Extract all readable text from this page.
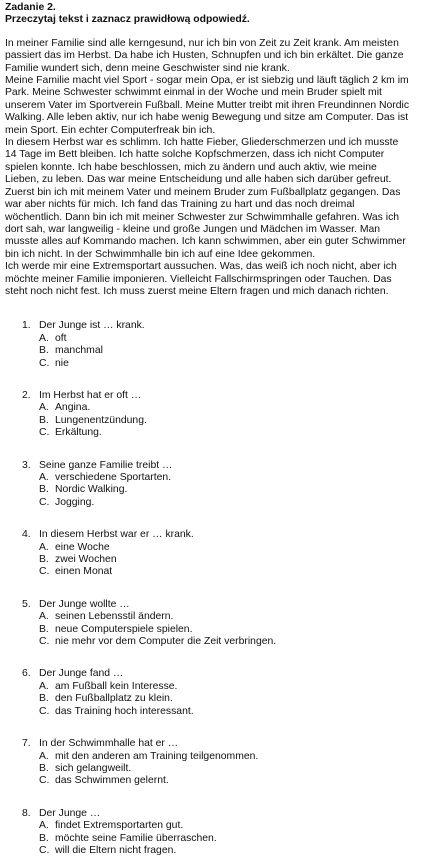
Zadanie 2.

Przeczytaj tekst i zaznacz prawidłową odpowiedź.

In meiner Familie sind alle kerngesund, nur ich bin von Zeit zu Zeit krank. Am meisten

passiert das im Herbst. Da habe ich Husten, Schnupfen und ich bin erkältet. Die ganze

Familie wundert sich, denn meine Geschwister sind nie krank.

Meine Familie macht viel Sport - sogar mein Opa, er ist siebzig und läuft täglich 2 km im

Park. Meine Schwester schwimmt einmal in der Woche und mein Bruder spielt mit

unserem Vater im Sportverein Fußball. Meine Mutter treibt mit ihren Freundinnen Nordic

Walking. Alle leben aktiv, nur ich habe wenig Bewegung und sitze am Computer. Das ist

mein Sport. Ein echter Computerfreak bin ich.

In diesem Herbst war es schlimm. Ich hatte Fieber, Gliederschmerzen und ich musste

14 Tage im Bett bleiben. Ich hatte solche Kopfschmerzen, dass ich nicht Computer

spielen konnte. Ich habe beschlossen, mich zu ändern und auch aktiv, wie meine

Lieben, zu leben. Das war meine Entscheidung und alle haben sich darüber gefreut.

Zuerst bin ich mit meinem Vater und meinem Bruder zum Fußballplatz gegangen. Das

war aber nichts für mich. Ich fand das Training zu hart und das noch dreimal

wöchentlich. Dann bin ich mit meiner Schwester zur Schwimmhalle gefahren. Was ich

dort sah, war langweilig - kleine und große Jungen und Mädchen im Wasser. Man

musste alles auf Kommando machen. Ich kann schwimmen, aber ein guter Schwimmer

bin ich nicht. In der Schwimmhalle bin ich auf eine Idee gekommen.

Ich werde mir eine Extremsportart aussuchen. Was, das weiß ich noch nicht, aber ich

möchte meiner Familie imponieren. Vielleicht Fallschirmspringen oder Tauchen. Das

steht noch nicht fest. Ich muss zuerst meine Eltern fragen und mich danach richten.

1. Der Junge ist … krank.
A. oft
B. manchmal
C. nie
2. Im Herbst hat er oft …
A. Angina.
B. Lungenentzündung.
C. Erkältung.
3. Seine ganze Familie treibt …
A. verschiedene Sportarten.
B. Nordic Walking.
C. Jogging.
4. In diesem Herbst war er … krank.
A. eine Woche
B. zwei Wochen
C. einen Monat
5. Der Junge wollte …
A. seinen Lebensstil ändern.
B. neue Computerspiele spielen.
C. nie mehr vor dem Computer die Zeit verbringen.
6. Der Junge fand …
A. am Fußball kein Interesse.
B. den Fußballplatz zu klein.
C. das Training hoch interessant.
7. In der Schwimmhalle hat er …
A. mit den anderen am Training teilgenommen.
B. sich gelangweilt.
C. das Schwimmen gelernt.
8. Der Junge …
A. findet Extremsportarten gut.
B. möchte seine Familie überraschen.
C. will die Eltern nicht fragen.
